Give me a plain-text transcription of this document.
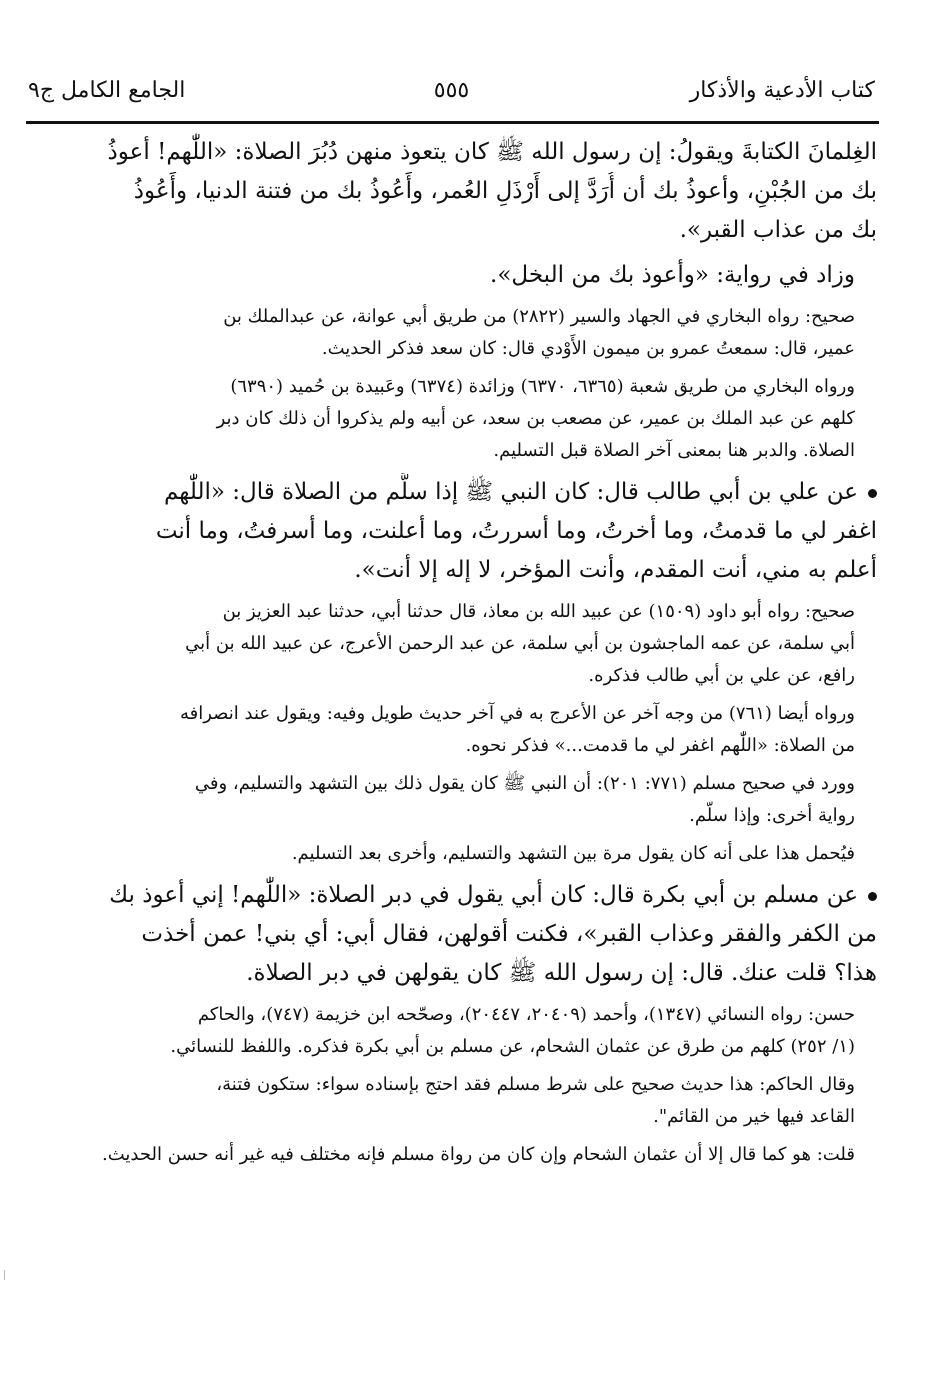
كتاب الأدعية والأذكار
٥٥٥
الجامع الكامل ج٩
الغِلمانَ الكتابةَ ويقولُ: إن رسول الله ﷺ كان يتعوذ منهن دُبُرَ الصلاة: «اللّٰهم! أعوذُ
بك من الجُبْنِ، وأعوذُ بك أن أُرَدَّ إلى أَرْذَلِ العُمر، وأَعُوذُ بك من فتنة الدنيا، وأَعُوذُ
بك من عذاب القبر».
وزاد في رواية: «وأعوذ بك من البخل».
صحيح: رواه البخاري في الجهاد والسير (٢٨٢٢) من طريق أبي عوانة، عن عبدالملك بن
عمير، قال: سمعتُ عمرو بن ميمون الأَوْدي قال: كان سعد فذكر الحديث.
ورواه البخاري من طريق شعبة (٦٣٦٥، ٦٣٧٠) وزائدة (٦٣٧٤) وعَبيدة بن حُميد (٦٣٩٠)
كلهم عن عبد الملك بن عمير، عن مصعب بن سعد، عن أبيه ولم يذكروا أن ذلك كان دبر
الصلاة. والدبر هنا بمعنى آخر الصلاة قبل التسليم.
عن علي بن أبي طالب قال: كان النبي ﷺ إذا سلَّم من الصلاة قال: «اللّٰهم
اغفر لي ما قدمتُ، وما أخرتُ، وما أسررتُ، وما أعلنت، وما أسرفتُ، وما أنت
أعلم به مني، أنت المقدم، وأنت المؤخر، لا إله إلا أنت».
صحيح: رواه أبو داود (١٥٠٩) عن عبيد الله بن معاذ، قال حدثنا أبي، حدثنا عبد العزيز بن
أبي سلمة، عن عمه الماجشون بن أبي سلمة، عن عبد الرحمن الأعرج، عن عبيد الله بن أبي
رافع، عن علي بن أبي طالب فذكره.
ورواه أيضا (٧٦١) من وجه آخر عن الأعرج به في آخر حديث طويل وفيه: ويقول عند انصرافه
من الصلاة: «اللّٰهم اغفر لي ما قدمت...» فذكر نحوه.
وورد في صحيح مسلم (٧٧١: ٢٠١): أن النبي ﷺ كان يقول ذلك بين التشهد والتسليم، وفي
رواية أخرى: وإذا سلّم.
فيُحمل هذا على أنه كان يقول مرة بين التشهد والتسليم، وأخرى بعد التسليم.
عن مسلم بن أبي بكرة قال: كان أبي يقول في دبر الصلاة: «اللّٰهم! إني أعوذ بك
من الكفر والفقر وعذاب القبر»، فكنت أقولهن، فقال أبي: أي بني! عمن أخذت
هذا؟ قلت عنك. قال: إن رسول الله ﷺ كان يقولهن في دبر الصلاة.
حسن: رواه النسائي (١٣٤٧)، وأحمد (٢٠٤٠٩، ٢٠٤٤٧)، وصحّحه ابن خزيمة (٧٤٧)، والحاكم
(١/ ٢٥٢) كلهم من طرق عن عثمان الشحام، عن مسلم بن أبي بكرة فذكره. واللفظ للنسائي.
وقال الحاكم: هذا حديث صحيح على شرط مسلم فقد احتج بإسناده سواء: ستكون فتنة،
القاعد فيها خير من القائم".
قلت: هو كما قال إلا أن عثمان الشحام وإن كان من رواة مسلم فإنه مختلف فيه غير أنه حسن الحديث.
